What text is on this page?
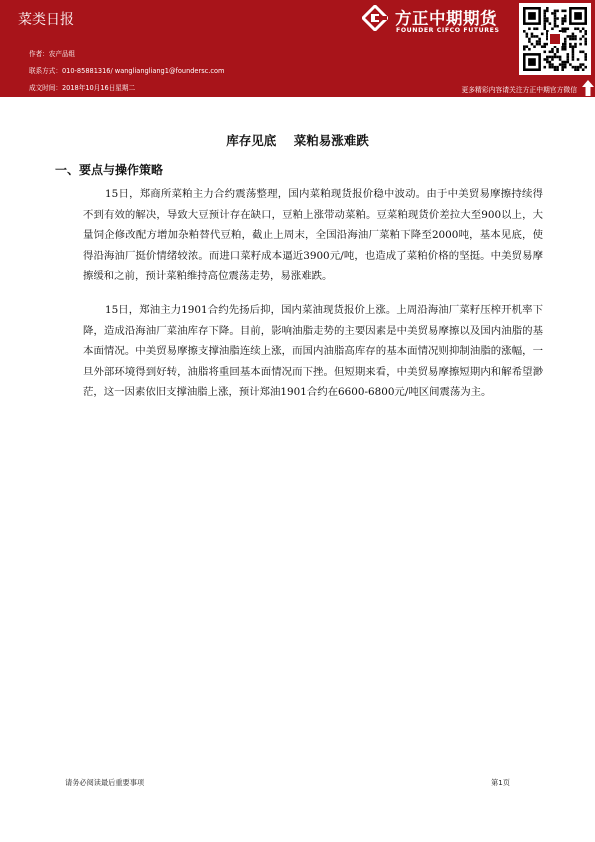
菜类日报
作者：农产品组
联系方式：010-85881316/ wangliangliang1@foundersc.com
成文时间：2018年10月16日星期二
方正中期期货
FOUNDER CIFCO FUTURES
更多精彩内容请关注方正中期官方微信
库存见底    菜粕易涨难跌
一、要点与操作策略

15日，郑商所菜粕主力合约震荡整理，国内菜粕现货报价稳中波动。由于中美贸易摩擦持续得不到有效的解决，导致大豆预计存在缺口，豆粕上涨带动菜粕。豆菜粕现货价差拉大至900以上，大量饲企修改配方增加杂粕替代豆粕，截止上周末，全国沿海油厂菜粕下降至2000吨，基本见底，使得沿海油厂挺价情绪较浓。而进口菜籽成本逼近3900元/吨，也造成了菜粕价格的坚挺。中美贸易摩擦缓和之前，预计菜粕维持高位震荡走势，易涨难跌。

15日，郑油主力1901合约先扬后抑，国内菜油现货报价上涨。上周沿海油厂菜籽压榨开机率下降，造成沿海油厂菜油库存下降。目前，影响油脂走势的主要因素是中美贸易摩擦以及国内油脂的基本面情况。中美贸易摩擦支撑油脂连续上涨，而国内油脂高库存的基本面情况则抑制油脂的涨幅，一旦外部环境得到好转，油脂将重回基本面情况而下挫。但短期来看，中美贸易摩擦短期内和解希望渺茫，这一因素依旧支撑油脂上涨，预计郑油1901合约在6600-6800元/吨区间震荡为主。

请务必阅读最后重要事项	第1页
